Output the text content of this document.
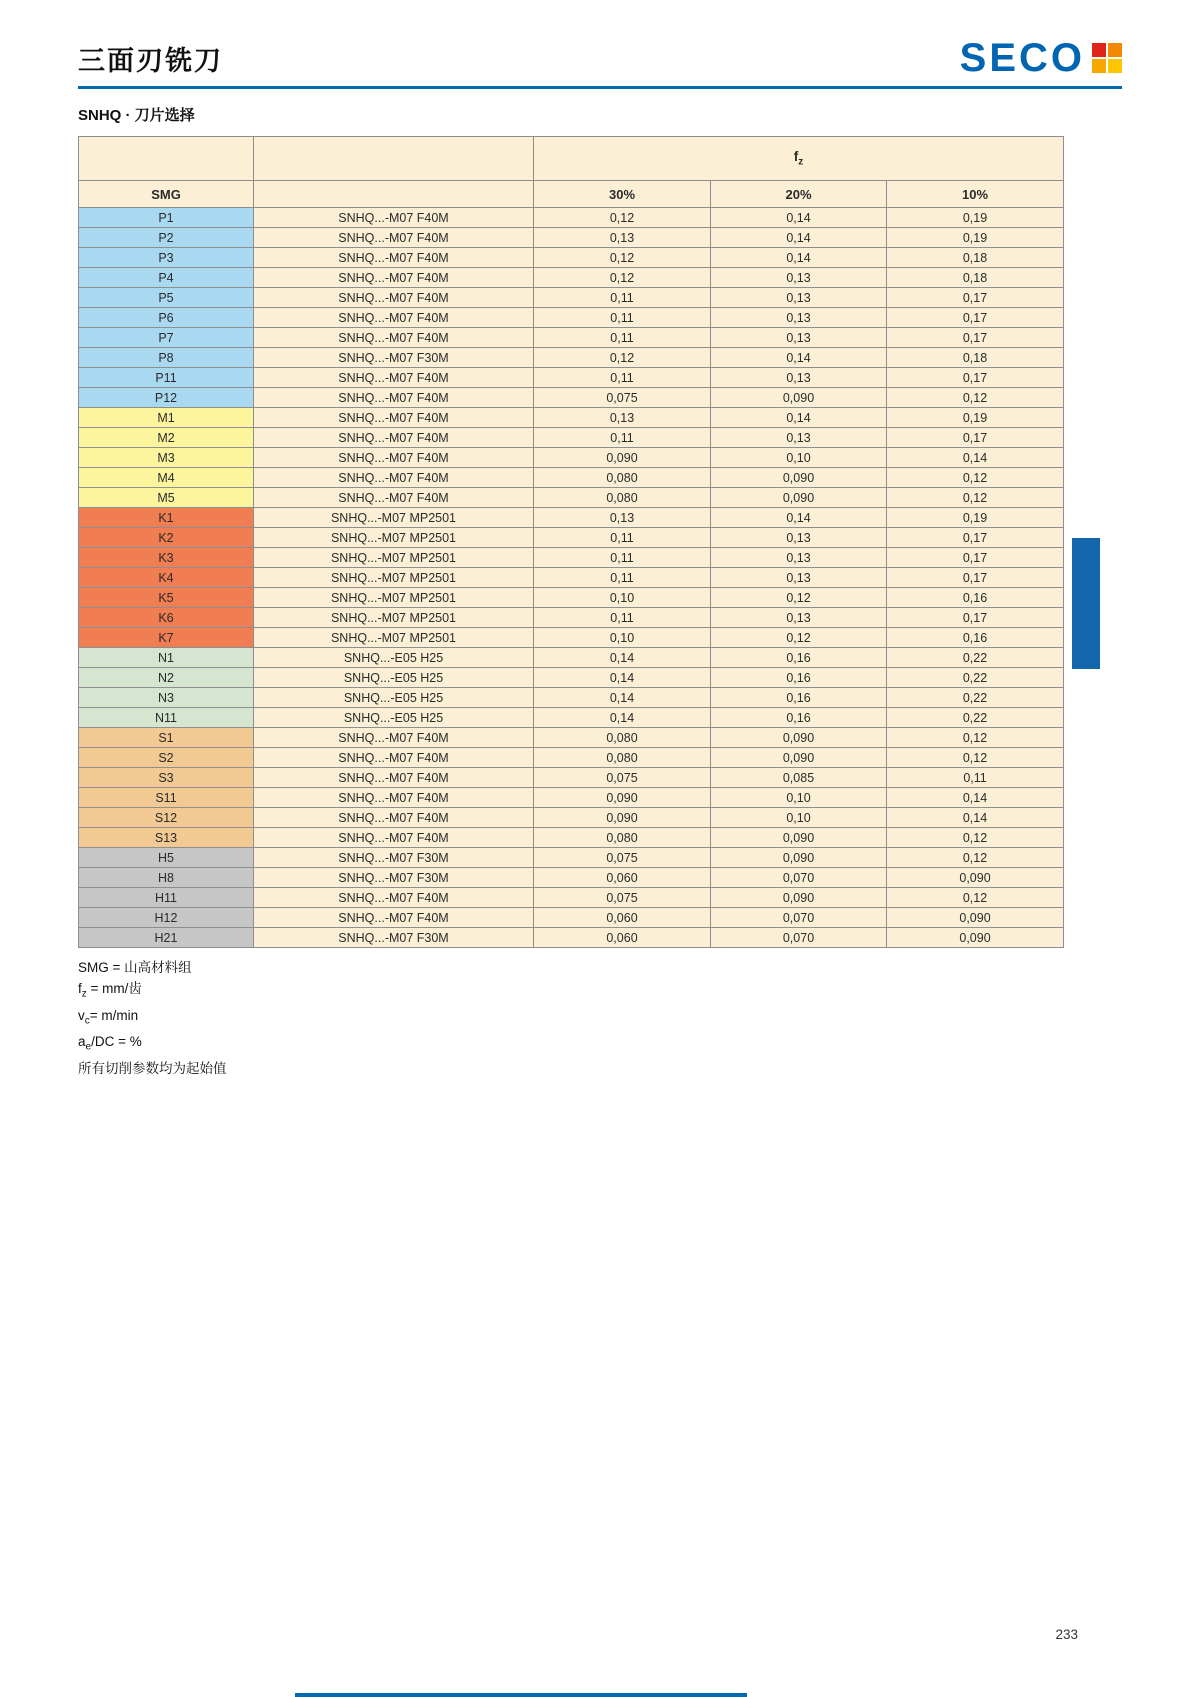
三面刃铣刀	SECO
SNHQ · 刀片选择
		$f_z$
SMG		30%	20%	10%
P1	SNHQ...-M07 F40M	0,12	0,14	0,19
P2	SNHQ...-M07 F40M	0,13	0,14	0,19
P3	SNHQ...-M07 F40M	0,12	0,14	0,18
P4	SNHQ...-M07 F40M	0,12	0,13	0,18
P5	SNHQ...-M07 F40M	0,11	0,13	0,17
P6	SNHQ...-M07 F40M	0,11	0,13	0,17
P7	SNHQ...-M07 F40M	0,11	0,13	0,17
P8	SNHQ...-M07 F30M	0,12	0,14	0,18
P11	SNHQ...-M07 F40M	0,11	0,13	0,17
P12	SNHQ...-M07 F40M	0,075	0,090	0,12
M1	SNHQ...-M07 F40M	0,13	0,14	0,19
M2	SNHQ...-M07 F40M	0,11	0,13	0,17
M3	SNHQ...-M07 F40M	0,090	0,10	0,14
M4	SNHQ...-M07 F40M	0,080	0,090	0,12
M5	SNHQ...-M07 F40M	0,080	0,090	0,12
K1	SNHQ...-M07 MP2501	0,13	0,14	0,19
K2	SNHQ...-M07 MP2501	0,11	0,13	0,17
K3	SNHQ...-M07 MP2501	0,11	0,13	0,17
K4	SNHQ...-M07 MP2501	0,11	0,13	0,17
K5	SNHQ...-M07 MP2501	0,10	0,12	0,16
K6	SNHQ...-M07 MP2501	0,11	0,13	0,17
K7	SNHQ...-M07 MP2501	0,10	0,12	0,16
N1	SNHQ...-E05 H25	0,14	0,16	0,22
N2	SNHQ...-E05 H25	0,14	0,16	0,22
N3	SNHQ...-E05 H25	0,14	0,16	0,22
N11	SNHQ...-E05 H25	0,14	0,16	0,22
S1	SNHQ...-M07 F40M	0,080	0,090	0,12
S2	SNHQ...-M07 F40M	0,080	0,090	0,12
S3	SNHQ...-M07 F40M	0,075	0,085	0,11
S11	SNHQ...-M07 F40M	0,090	0,10	0,14
S12	SNHQ...-M07 F40M	0,090	0,10	0,14
S13	SNHQ...-M07 F40M	0,080	0,090	0,12
H5	SNHQ...-M07 F30M	0,075	0,090	0,12
H8	SNHQ...-M07 F30M	0,060	0,070	0,090
H11	SNHQ...-M07 F40M	0,075	0,090	0,12
H12	SNHQ...-M07 F40M	0,060	0,070	0,090
H21	SNHQ...-M07 F30M	0,060	0,070	0,090
SMG = 山高材料组
$f_z = mm/$齿
$v_c= m/\min$
$a_e/DC$ = %
所有切削参数均为起始值
233
